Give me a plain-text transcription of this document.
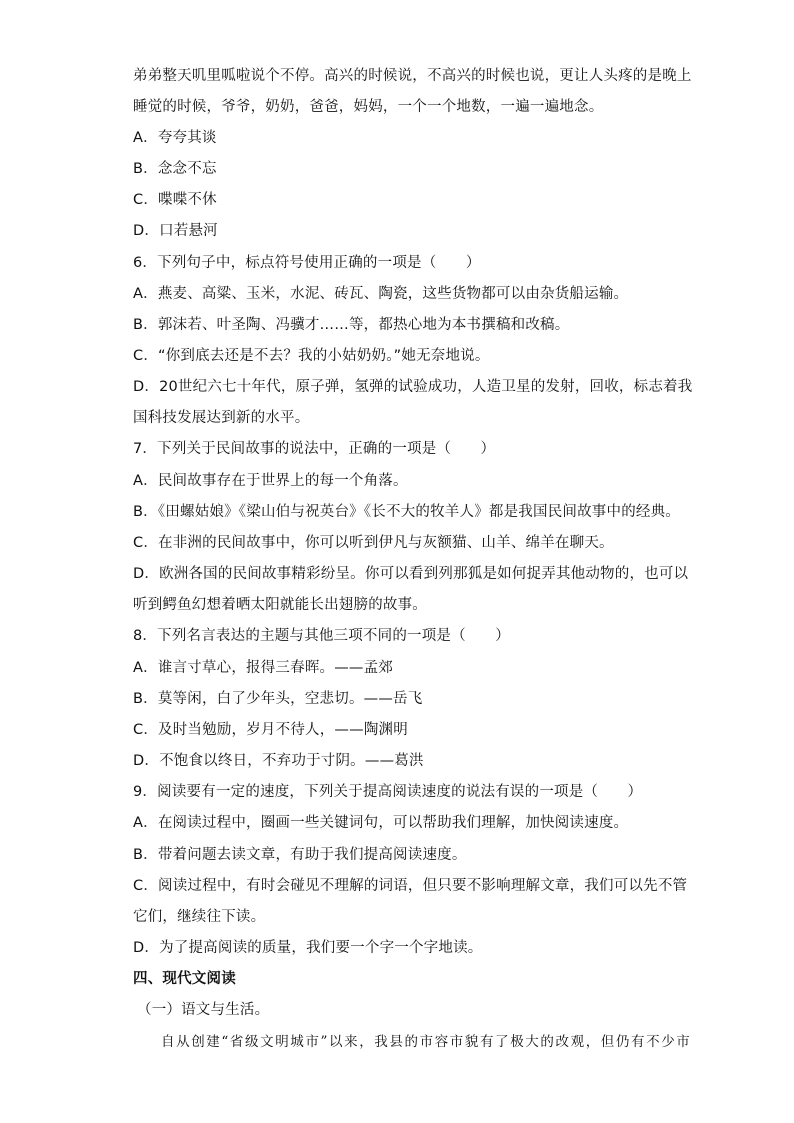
弟弟整天叽里呱啦说个不停。高兴的时候说，不高兴的时候也说，更让人头疼的是晚上
睡觉的时候，爷爷，奶奶，爸爸，妈妈，一个一个地数，一遍一遍地念。
A．夸夸其谈
B．念念不忘
C．喋喋不休
D．口若悬河
6．下列句子中，标点符号使用正确的一项是（　　）
A．燕麦、高粱、玉米，水泥、砖瓦、陶瓷，这些货物都可以由杂货船运输。
B．郭沫若、叶圣陶、冯骥才……等，都热心地为本书撰稿和改稿。
C．“你到底去还是不去？我的小姑奶奶。”她无奈地说。
D．20世纪六七十年代，原子弹，氢弹的试验成功，人造卫星的发射，回收，标志着我
国科技发展达到新的水平。
7．下列关于民间故事的说法中，正确的一项是（　　）
A．民间故事存在于世界上的每一个角落。
B．《田螺姑娘》《梁山伯与祝英台》《长不大的牧羊人》都是我国民间故事中的经典。
C．在非洲的民间故事中，你可以听到伊凡与灰额猫、山羊、绵羊在聊天。
D．欧洲各国的民间故事精彩纷呈。你可以看到列那狐是如何捉弄其他动物的，也可以
听到鳄鱼幻想着晒太阳就能长出翅膀的故事。
8．下列名言表达的主题与其他三项不同的一项是（　　）
A．谁言寸草心，报得三春晖。——孟郊
B．莫等闲，白了少年头，空悲切。——岳飞
C．及时当勉励，岁月不待人，——陶渊明
D．不饱食以终日，不弃功于寸阴。——葛洪
9．阅读要有一定的速度，下列关于提高阅读速度的说法有误的一项是（　　）
A．在阅读过程中，圈画一些关键词句，可以帮助我们理解，加快阅读速度。
B．带着问题去读文章，有助于我们提高阅读速度。
C．阅读过程中，有时会碰见不理解的词语，但只要不影响理解文章，我们可以先不管
它们，继续往下读。
D．为了提高阅读的质量，我们要一个字一个字地读。
四、现代文阅读
（一）语文与生活。
自从创建“省级文明城市”以来，我县的市容市貌有了极大的改观，但仍有不少市
